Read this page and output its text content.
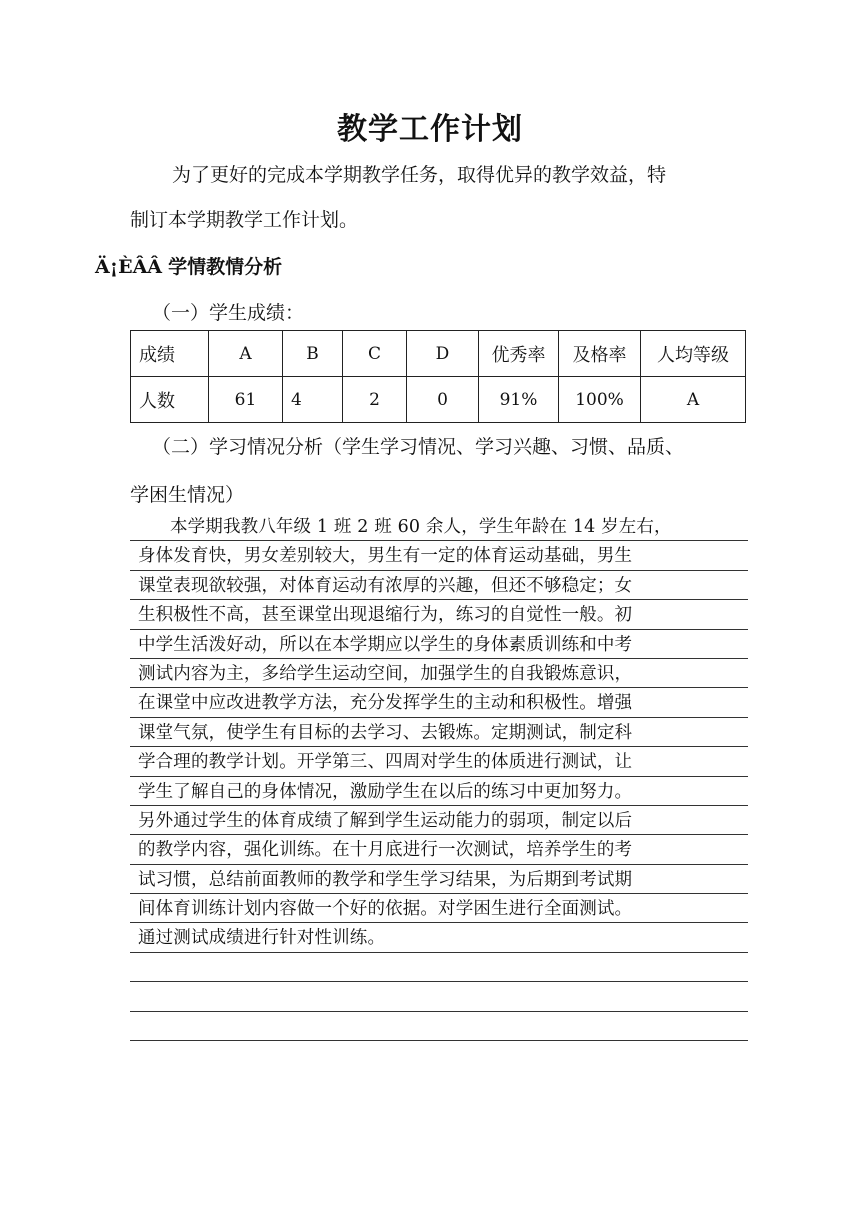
教学工作计划
为了更好的完成本学期教学任务，取得优异的教学效益，特
制订本学期教学工作计划。
Ä¡ÈÂÂ 学情教情分析
（一）学生成绩：
成绩	A	B	C	D	优秀率	及格率	人均等级
人数	61	4	2	0	91%	100%	A
（二）学习情况分析（学生学习情况、学习兴趣、习惯、品质、
学困生情况）
本学期我教八年级 1 班 2 班 60 余人，学生年龄在 14 岁左右，
身体发育快，男女差别较大，男生有一定的体育运动基础，男生
课堂表现欲较强，对体育运动有浓厚的兴趣，但还不够稳定；女
生积极性不高，甚至课堂出现退缩行为，练习的自觉性一般。初
中学生活泼好动，所以在本学期应以学生的身体素质训练和中考
测试内容为主，多给学生运动空间，加强学生的自我锻炼意识，
在课堂中应改进教学方法，充分发挥学生的主动和积极性。增强
课堂气氛，使学生有目标的去学习、去锻炼。定期测试，制定科
学合理的教学计划。开学第三、四周对学生的体质进行测试，让
学生了解自己的身体情况，激励学生在以后的练习中更加努力。
另外通过学生的体育成绩了解到学生运动能力的弱项，制定以后
的教学内容，强化训练。在十月底进行一次测试，培养学生的考
试习惯，总结前面教师的教学和学生学习结果，为后期到考试期
间体育训练计划内容做一个好的依据。对学困生进行全面测试。
通过测试成绩进行针对性训练。
